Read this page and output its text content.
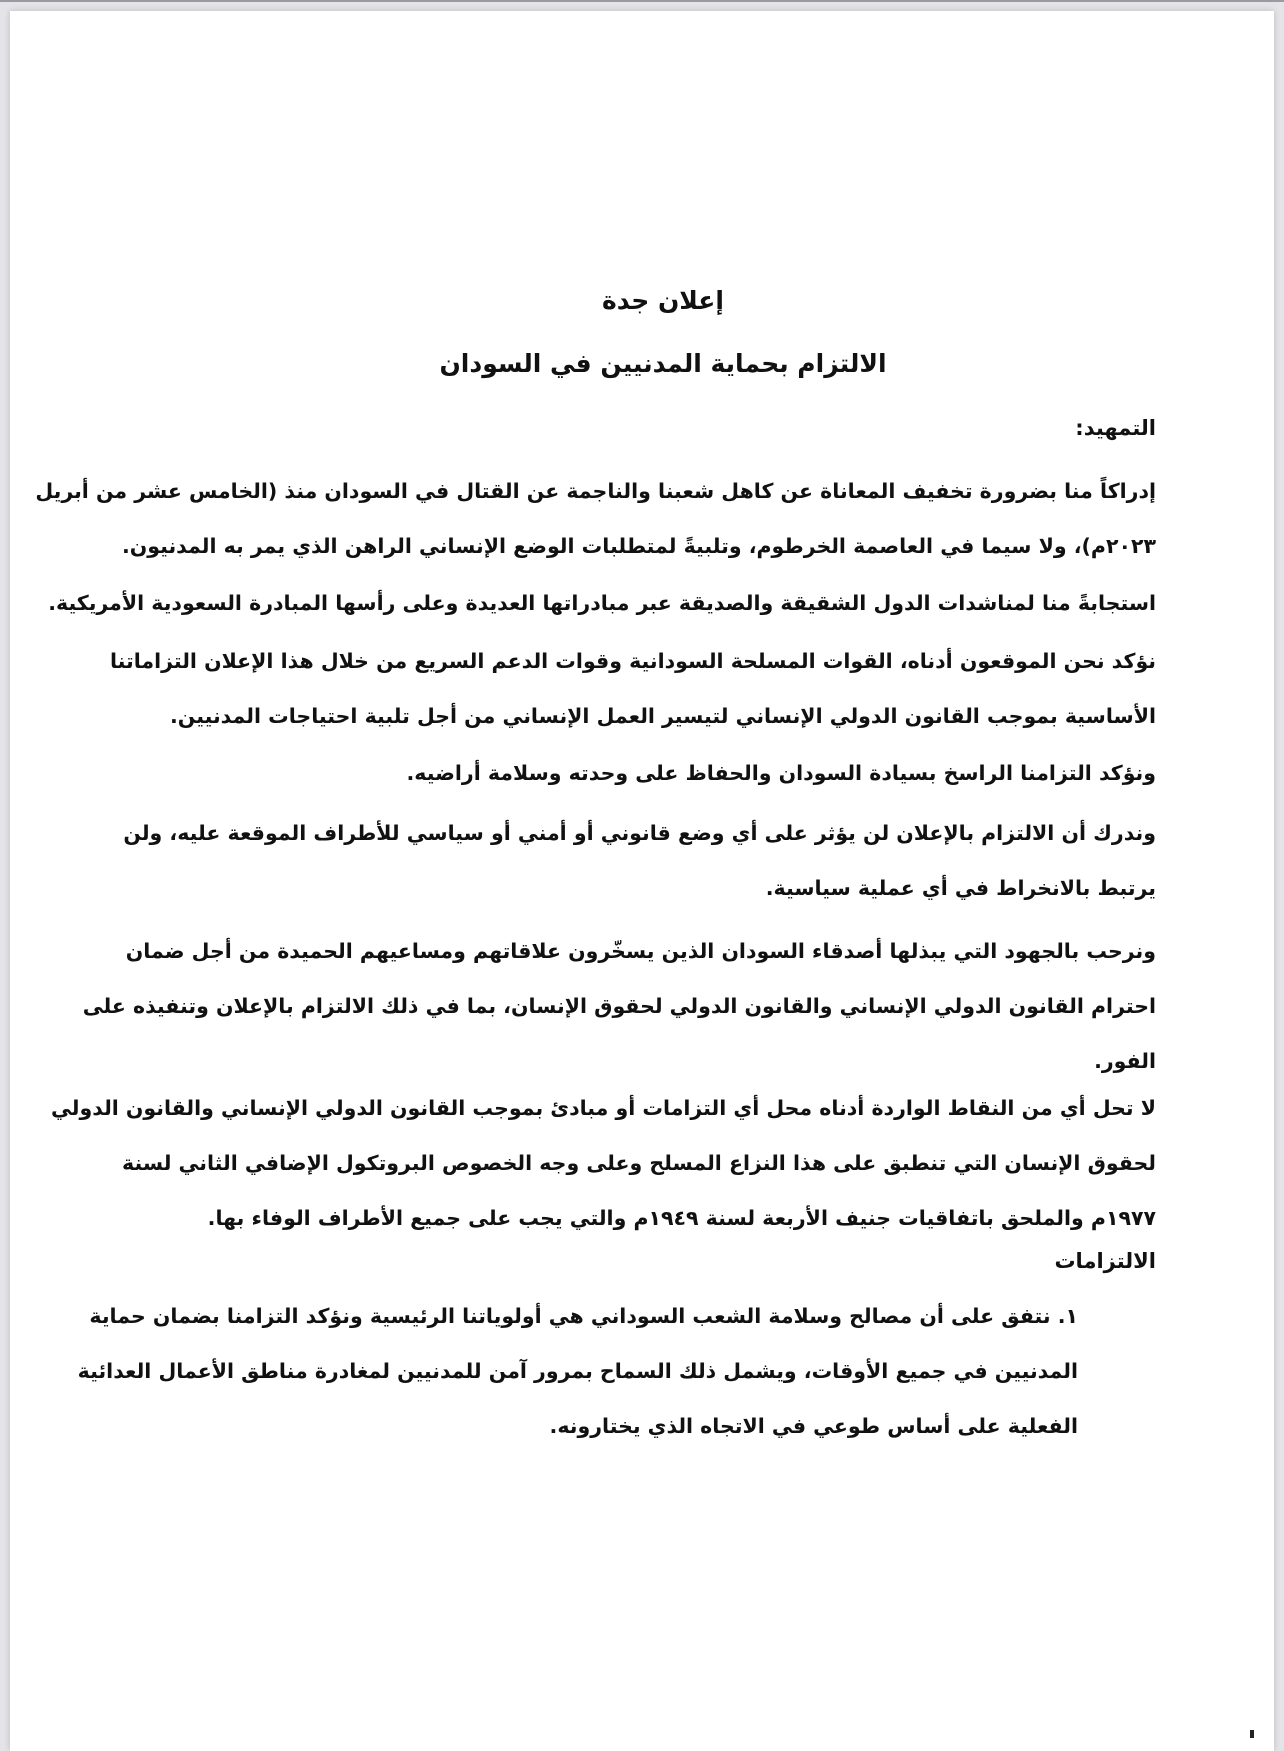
إعلان جدة
الالتزام بحماية المدنيين في السودان
التمهيد:
إدراكاً منا بضرورة تخفيف المعاناة عن كاهل شعبنا والناجمة عن القتال في السودان منذ (الخامس عشر من أبريل
٢٠٢٣م)، ولا سيما في العاصمة الخرطوم، وتلبيةً لمتطلبات الوضع الإنساني الراهن الذي يمر به المدنيون.
استجابةً منا لمناشدات الدول الشقيقة والصديقة عبر مبادراتها العديدة وعلى رأسها المبادرة السعودية الأمريكية.
نؤكد نحن الموقعون أدناه، القوات المسلحة السودانية وقوات الدعم السريع من خلال هذا الإعلان التزاماتنا
الأساسية بموجب القانون الدولي الإنساني لتيسير العمل الإنساني من أجل تلبية احتياجات المدنيين.
ونؤكد التزامنا الراسخ بسيادة السودان والحفاظ على وحدته وسلامة أراضيه.
وندرك أن الالتزام بالإعلان لن يؤثر على أي وضع قانوني أو أمني أو سياسي للأطراف الموقعة عليه، ولن
يرتبط بالانخراط في أي عملية سياسية.
ونرحب بالجهود التي يبذلها أصدقاء السودان الذين يسخّرون علاقاتهم ومساعيهم الحميدة من أجل ضمان
احترام القانون الدولي الإنساني والقانون الدولي لحقوق الإنسان، بما في ذلك الالتزام بالإعلان وتنفيذه على
الفور.
لا تحل أي من النقاط الواردة أدناه محل أي التزامات أو مبادئ بموجب القانون الدولي الإنساني والقانون الدولي
لحقوق الإنسان التي تنطبق على هذا النزاع المسلح وعلى وجه الخصوص البروتكول الإضافي الثاني لسنة
١٩٧٧م والملحق باتفاقيات جنيف الأربعة لسنة ١٩٤٩م والتي يجب على جميع الأطراف الوفاء بها.
الالتزامات
١. نتفق على أن مصالح وسلامة الشعب السوداني هي أولوياتنا الرئيسية ونؤكد التزامنا بضمان حماية
المدنيين في جميع الأوقات، ويشمل ذلك السماح بمرور آمن للمدنيين لمغادرة مناطق الأعمال العدائية
الفعلية على أساس طوعي في الاتجاه الذي يختارونه.
